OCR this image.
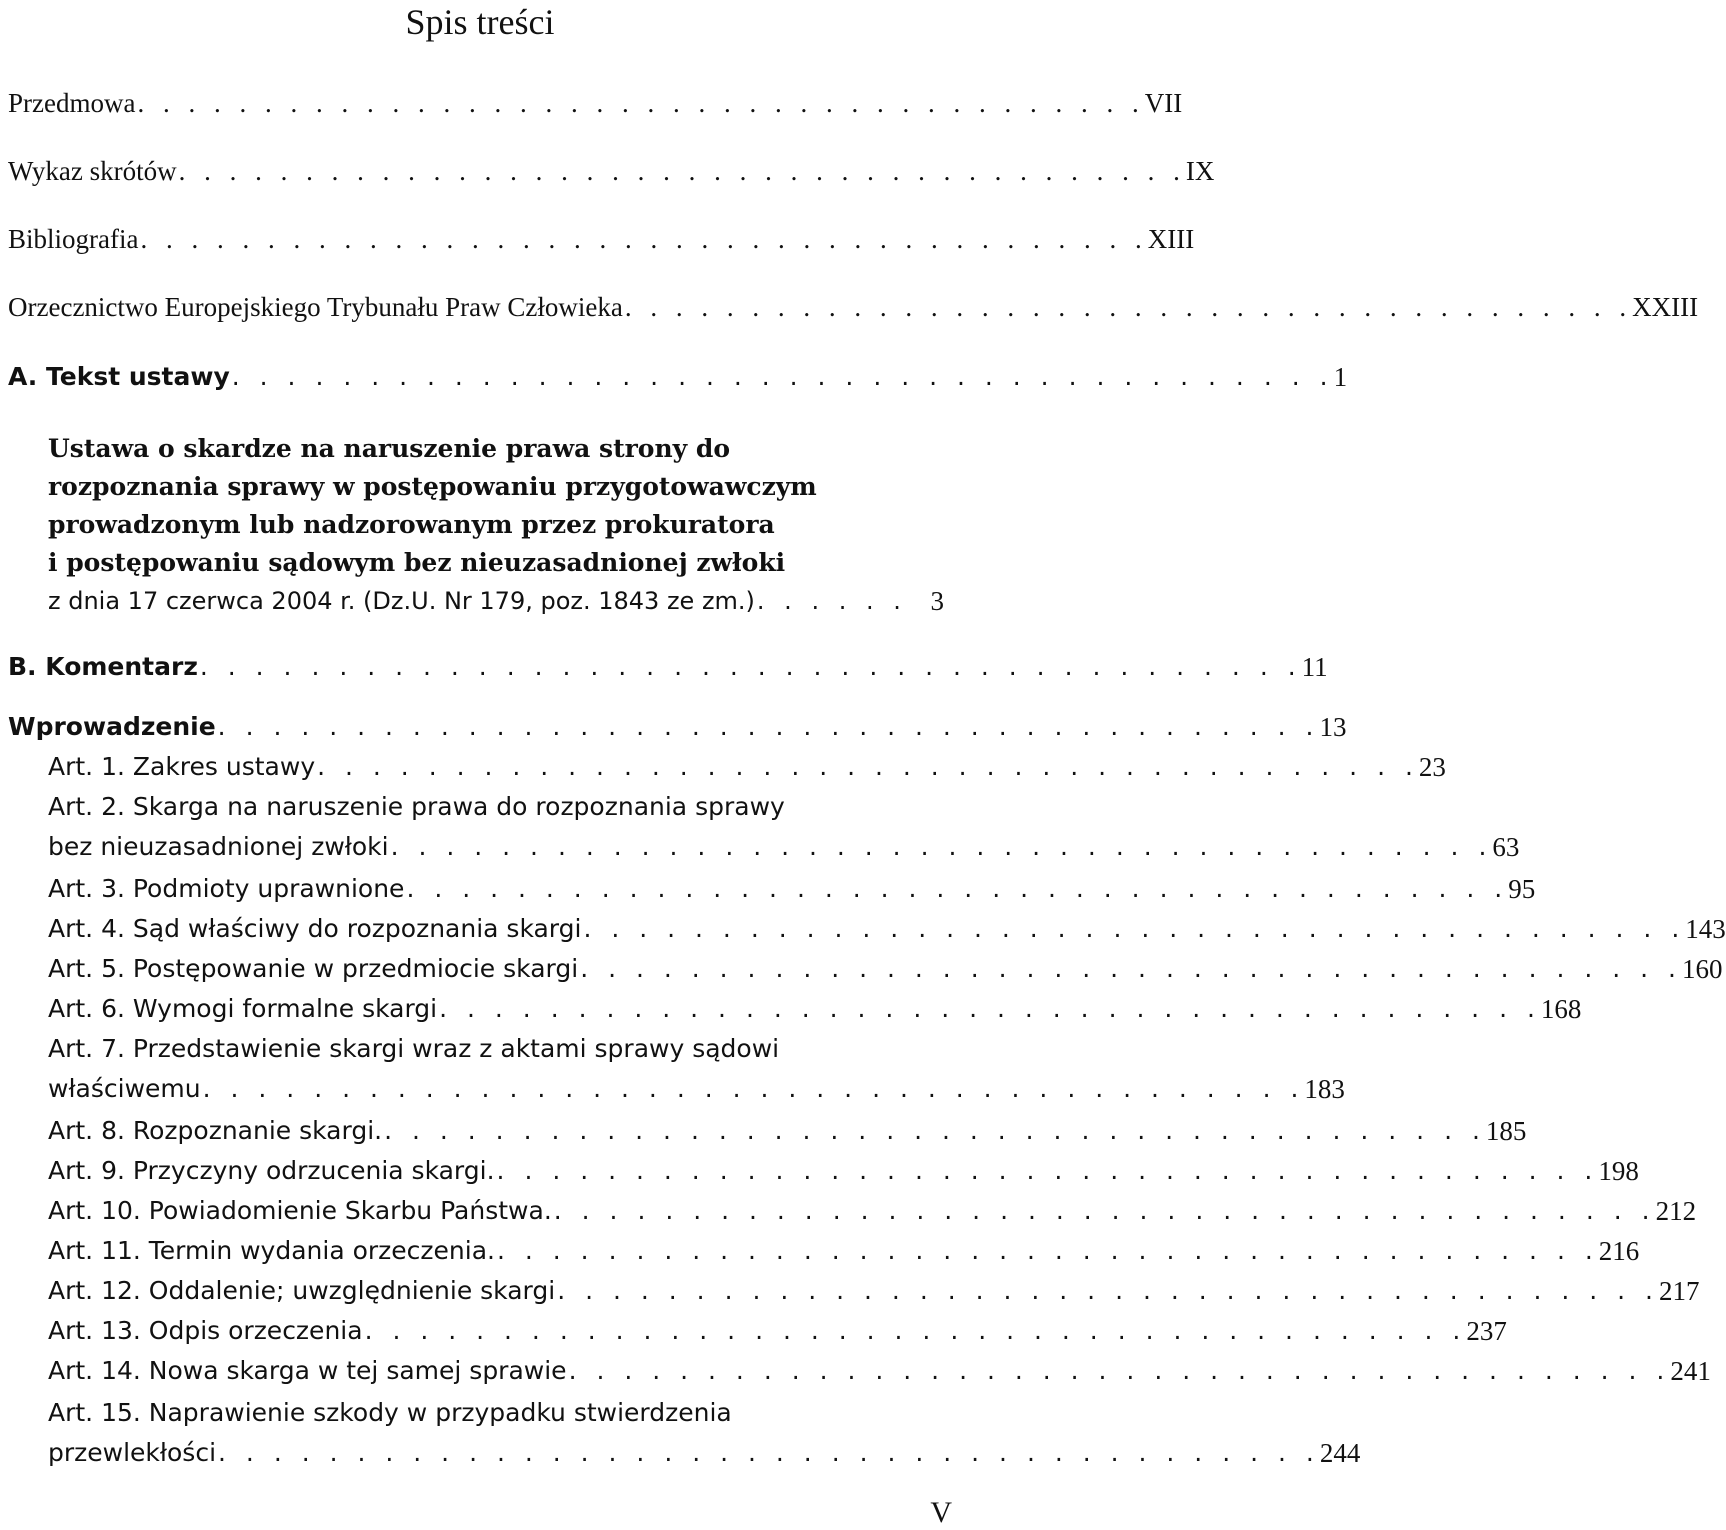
Spis treści
Przedmowa . . . . . . . . . . . . . . . . . . . . . . . . . . . . . . . . . . . . . . . . VII
Wykaz skrótów . . . . . . . . . . . . . . . . . . . . . . . . . . . . . . . . . . . . . . . . IX
Bibliografia . . . . . . . . . . . . . . . . . . . . . . . . . . . . . . . . . . . . . . . . XIII
Orzecznictwo Europejskiego Trybunału Praw Człowieka . . . . . . . . . . . . . . . . . . . . . . . . . . . . . . . . . . . . . . . . XXIII
A. Tekst ustawy . . . . . . . . . . . . . . . . . . . . . . . . . . . . . . . . . . . . . . . . 1
Ustawa o skardze na naruszenie prawa strony do
rozpoznania sprawy w postępowaniu przygotowawczym
prowadzonym lub nadzorowanym przez prokuratora
i postępowaniu sądowym bez nieuzasadnionej zwłoki
z dnia 17 czerwca 2004 r. (Dz.U. Nr 179, poz. 1843 ze zm.) . . . . . . 3
B. Komentarz . . . . . . . . . . . . . . . . . . . . . . . . . . . . . . . . . . . . . . . . 11
Wprowadzenie . . . . . . . . . . . . . . . . . . . . . . . . . . . . . . . . . . . . . . . . 13
Art. 1. Zakres ustawy . . . . . . . . . . . . . . . . . . . . . . . . . . . . . . . . . . . . . . . . 23
Art. 2. Skarga na naruszenie prawa do rozpoznania sprawy
bez nieuzasadnionej zwłoki . . . . . . . . . . . . . . . . . . . . . . . . . . . . . . . . . . . . . . . . 63
Art. 3. Podmioty uprawnione . . . . . . . . . . . . . . . . . . . . . . . . . . . . . . . . . . . . . . . . 95
Art. 4. Sąd właściwy do rozpoznania skargi . . . . . . . . . . . . . . . . . . . . . . . . . . . . . . . . . . . . . . . . 143
Art. 5. Postępowanie w przedmiocie skargi . . . . . . . . . . . . . . . . . . . . . . . . . . . . . . . . . . . . . . . . 160
Art. 6. Wymogi formalne skargi . . . . . . . . . . . . . . . . . . . . . . . . . . . . . . . . . . . . . . . . 168
Art. 7. Przedstawienie skargi wraz z aktami sprawy sądowi
właściwemu . . . . . . . . . . . . . . . . . . . . . . . . . . . . . . . . . . . . . . . . 183
Art. 8. Rozpoznanie skargi. . . . . . . . . . . . . . . . . . . . . . . . . . . . . . . . . . . . . . . . . 185
Art. 9. Przyczyny odrzucenia skargi. . . . . . . . . . . . . . . . . . . . . . . . . . . . . . . . . . . . . . . . . 198
Art. 10. Powiadomienie Skarbu Państwa. . . . . . . . . . . . . . . . . . . . . . . . . . . . . . . . . . . . . . . . . 212
Art. 11. Termin wydania orzeczenia. . . . . . . . . . . . . . . . . . . . . . . . . . . . . . . . . . . . . . . . . 216
Art. 12. Oddalenie; uwzględnienie skargi . . . . . . . . . . . . . . . . . . . . . . . . . . . . . . . . . . . . . . . . 217
Art. 13. Odpis orzeczenia . . . . . . . . . . . . . . . . . . . . . . . . . . . . . . . . . . . . . . . . 237
Art. 14. Nowa skarga w tej samej sprawie . . . . . . . . . . . . . . . . . . . . . . . . . . . . . . . . . . . . . . . . 241
Art. 15. Naprawienie szkody w przypadku stwierdzenia
przewlekłości . . . . . . . . . . . . . . . . . . . . . . . . . . . . . . . . . . . . . . . . 244
V
